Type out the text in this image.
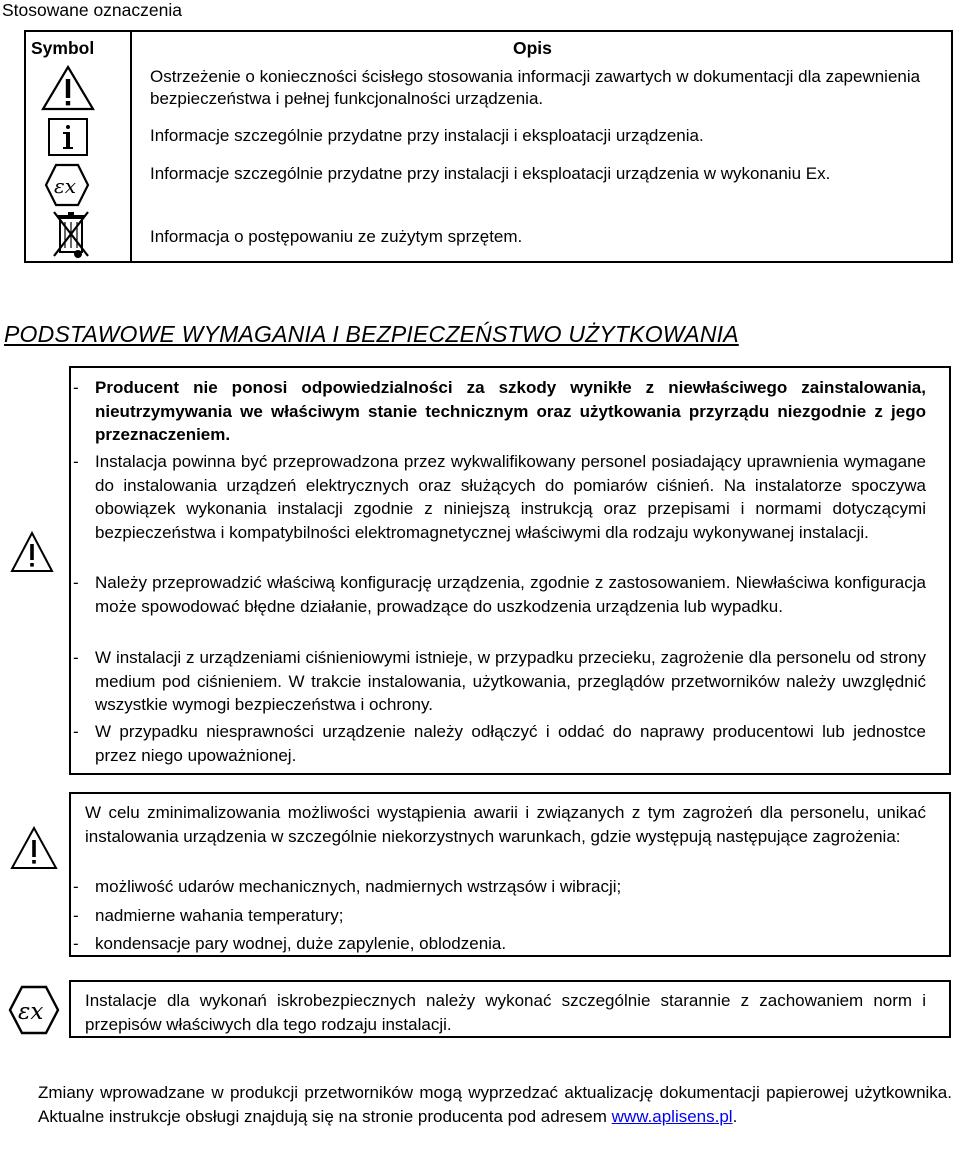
Stosowane oznaczenia
Symbol	Opis
Ostrzeżenie o konieczności ścisłego stosowania informacji zawartych w dokumentacji dla zapewnienia bezpieczeństwa i pełnej funkcjonalności urządzenia.
Informacje szczególnie przydatne przy instalacji i eksploatacji urządzenia.
εx
Informacje szczególnie przydatne przy instalacji i eksploatacji urządzenia w wykonaniu Ex.
Informacja o postępowaniu ze zużytym sprzętem.
PODSTAWOWE WYMAGANIA I BEZPIECZEŃSTWO UŻYTKOWANIA
- Producent nie ponosi odpowiedzialności za szkody wynikłe z niewłaściwego zainstalowania, nieutrzymywania we właściwym stanie technicznym oraz użytkowania przyrządu niezgodnie z jego przeznaczeniem.
- Instalacja powinna być przeprowadzona przez wykwalifikowany personel posiadający uprawnienia wymagane do instalowania urządzeń elektrycznych oraz służących do pomiarów ciśnień. Na instalatorze spoczywa obowiązek wykonania instalacji zgodnie z niniejszą instrukcją oraz przepisami i normami dotyczącymi bezpieczeństwa i kompatybilności elektromagnetycznej właściwymi dla rodzaju wykonywanej instalacji.
- Należy przeprowadzić właściwą konfigurację urządzenia, zgodnie z zastosowaniem. Niewłaściwa konfiguracja może spowodować błędne działanie, prowadzące do uszkodzenia urządzenia lub wypadku.
- W instalacji z urządzeniami ciśnieniowymi istnieje, w przypadku przecieku, zagrożenie dla personelu od strony medium pod ciśnieniem. W trakcie instalowania, użytkowania, przeglądów przetworników należy uwzględnić wszystkie wymogi bezpieczeństwa i ochrony.
- W przypadku niesprawności urządzenie należy odłączyć i oddać do naprawy producentowi lub jednostce przez niego upoważnionej.
W celu zminimalizowania możliwości wystąpienia awarii i związanych z tym zagrożeń dla personelu, unikać instalowania urządzenia w szczególnie niekorzystnych warunkach, gdzie występują następujące zagrożenia:
- możliwość udarów mechanicznych, nadmiernych wstrząsów i wibracji;
- nadmierne wahania temperatury;
- kondensacje pary wodnej, duże zapylenie, oblodzenia.
εx Instalacje dla wykonań iskrobezpiecznych należy wykonać szczególnie starannie z zachowaniem norm i przepisów właściwych dla tego rodzaju instalacji.
Zmiany wprowadzane w produkcji przetworników mogą wyprzedzać aktualizację dokumentacji papierowej użytkownika. Aktualne instrukcje obsługi znajdują się na stronie producenta pod adresem www.aplisens.pl.
